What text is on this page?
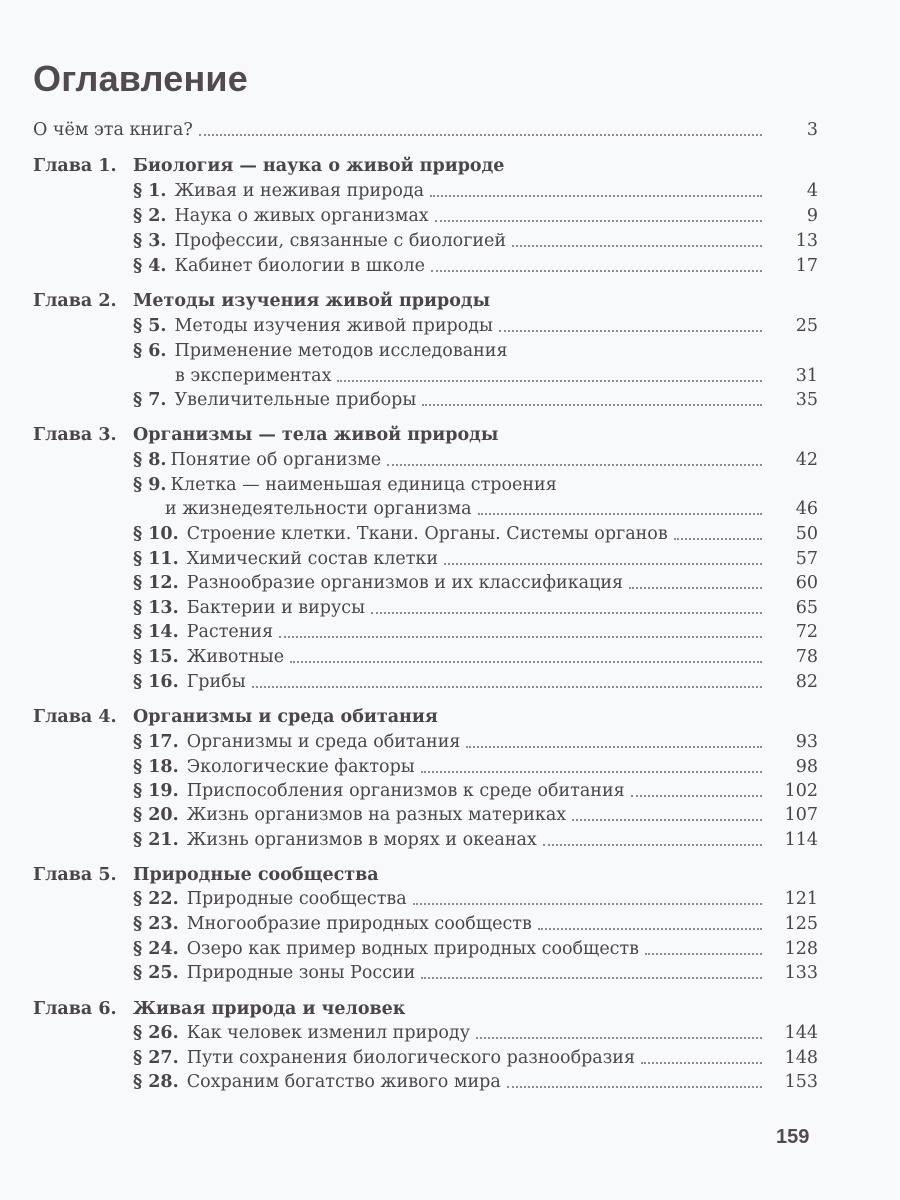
Оглавление
О чём эта книга?	3
Глава 1. Биология — наука о живой природе
§ 1. Живая и неживая природа	4
§ 2. Наука о живых организмах	9
§ 3. Профессии, связанные с биологией	13
§ 4. Кабинет биологии в школе	17
Глава 2. Методы изучения живой природы
§ 5. Методы изучения живой природы	25
§ 6. Применение методов исследования
в экспериментах	31
§ 7. Увеличительные приборы	35
Глава 3. Организмы — тела живой природы
§ 8. Понятие об организме	42
§ 9. Клетка — наименьшая единица строения
и жизнедеятельности организма	46
§ 10. Строение клетки. Ткани. Органы. Системы органов	50
§ 11. Химический состав клетки	57
§ 12. Разнообразие организмов и их классификация	60
§ 13. Бактерии и вирусы	65
§ 14. Растения	72
§ 15. Животные	78
§ 16. Грибы	82
Глава 4. Организмы и среда обитания
§ 17. Организмы и среда обитания	93
§ 18. Экологические факторы	98
§ 19. Приспособления организмов к среде обитания	102
§ 20. Жизнь организмов на разных материках	107
§ 21. Жизнь организмов в морях и океанах	114
Глава 5. Природные сообщества
§ 22. Природные сообщества	121
§ 23. Многообразие природных сообществ	125
§ 24. Озеро как пример водных природных сообществ	128
§ 25. Природные зоны России	133
Глава 6. Живая природа и человек
§ 26. Как человек изменил природу	144
§ 27. Пути сохранения биологического разнообразия	148
§ 28. Сохраним богатство живого мира	153
159
